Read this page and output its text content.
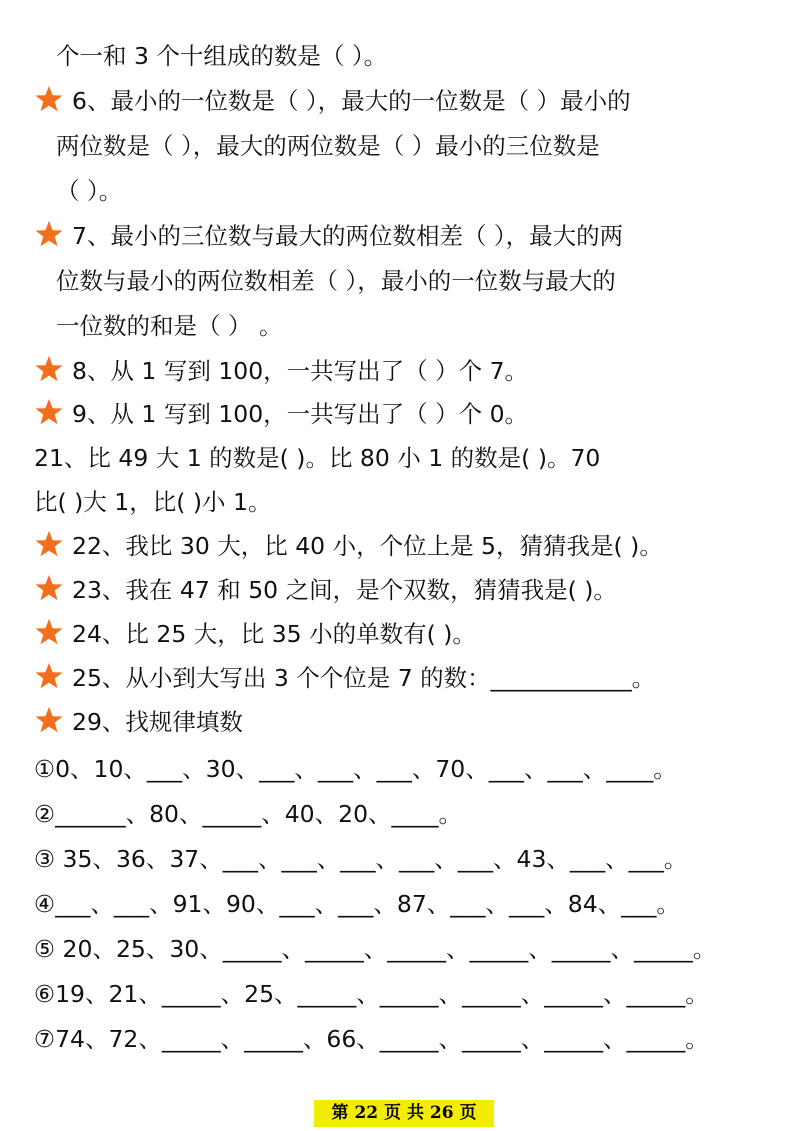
个一和 3 个十组成的数是（ ）。
6、最小的一位数是（ ），最大的一位数是（ ）最小的
两位数是（ ），最大的两位数是（ ）最小的三位数是
（ ）。
7、最小的三位数与最大的两位数相差（ ），最大的两
位数与最小的两位数相差（ ），最小的一位数与最大的
一位数的和是（ ） 。
8、从 1 写到 100，一共写出了（ ）个 7。
9、从 1 写到 100，一共写出了（ ）个 0。
21、比 49 大 1 的数是( )。比 80 小 1 的数是( )。70
比( )大 1，比( )小 1。
22、我比 30 大，比 40 小，个位上是 5，猜猜我是( )。
23、我在 47 和 50 之间，是个双数，猜猜我是( )。
24、比 25 大，比 35 小的单数有( )。
25、从小到大写出 3 个个位是 7 的数：____________。
29、找规律填数
①0、10、___、30、___、___、___、70、___、___、____。
②______、80、_____、40、20、____。
③ 35、36、37、___、___、___、___、___、43、___、___。
④___、___、91、90、___、___、87、___、___、84、___。
⑤ 20、25、30、_____、_____、_____、_____、_____、_____。
⑥19、21、_____、25、_____、_____、_____、_____、_____。
⑦74、72、_____、_____、66、_____、_____、_____、_____。
第 22 页 共 26 页
